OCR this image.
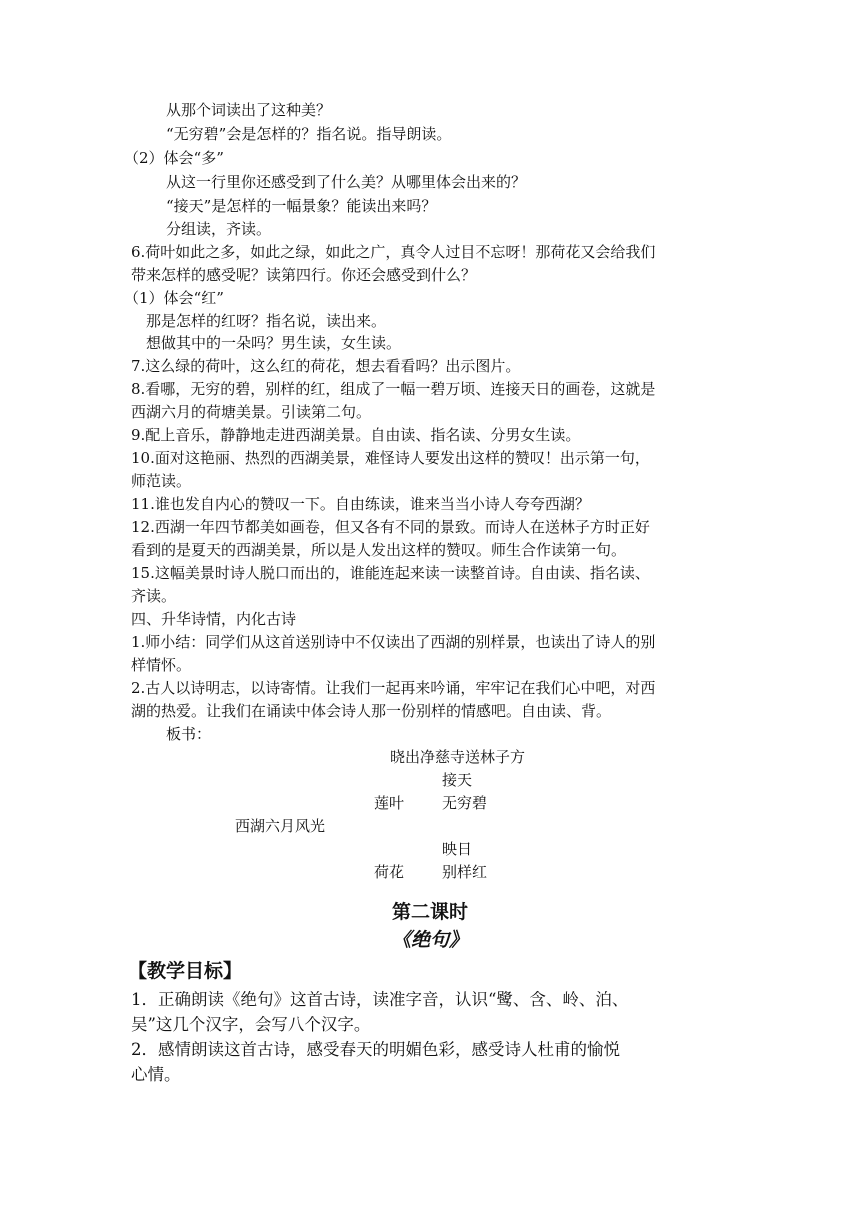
从那个词读出了这种美？
“无穷碧”会是怎样的？指名说。指导朗读。
（2）体会“多”
从这一行里你还感受到了什么美？从哪里体会出来的？
“接天”是怎样的一幅景象？能读出来吗？
分组读，齐读。
6.荷叶如此之多，如此之绿，如此之广，真令人过目不忘呀！那荷花又会给我们
带来怎样的感受呢？读第四行。你还会感受到什么？
（1）体会“红”
那是怎样的红呀？指名说，读出来。
想做其中的一朵吗？男生读，女生读。
7.这么绿的荷叶，这么红的荷花，想去看看吗？出示图片。
8.看哪，无穷的碧，别样的红，组成了一幅一碧万顷、连接天日的画卷，这就是
西湖六月的荷塘美景。引读第二句。
9.配上音乐，静静地走进西湖美景。自由读、指名读、分男女生读。
10.面对这艳丽、热烈的西湖美景，难怪诗人要发出这样的赞叹！出示第一句，
师范读。
11.谁也发自内心的赞叹一下。自由练读，谁来当当小诗人夸夸西湖？
12.西湖一年四节都美如画卷，但又各有不同的景致。而诗人在送林子方时正好
看到的是夏天的西湖美景，所以是人发出这样的赞叹。师生合作读第一句。
15.这幅美景时诗人脱口而出的，谁能连起来读一读整首诗。自由读、指名读、
齐读。
四、升华诗情，内化古诗
1.师小结：同学们从这首送别诗中不仅读出了西湖的别样景，也读出了诗人的别
样情怀。
2.古人以诗明志，以诗寄情。让我们一起再来吟诵，牢牢记在我们心中吧，对西
湖的热爱。让我们在诵读中体会诗人那一份别样的情感吧。自由读、背。
板书：
晓出净慈寺送林子方
接天
莲叶	无穷碧
西湖六月风光
映日
荷花	别样红
第二课时
《绝句》
【教学目标】
1．正确朗读《绝句》这首古诗，读准字音，认识“鹭、含、岭、泊、
吴”这几个汉字，会写八个汉字。
2．感情朗读这首古诗，感受春天的明媚色彩，感受诗人杜甫的愉悦
心情。
